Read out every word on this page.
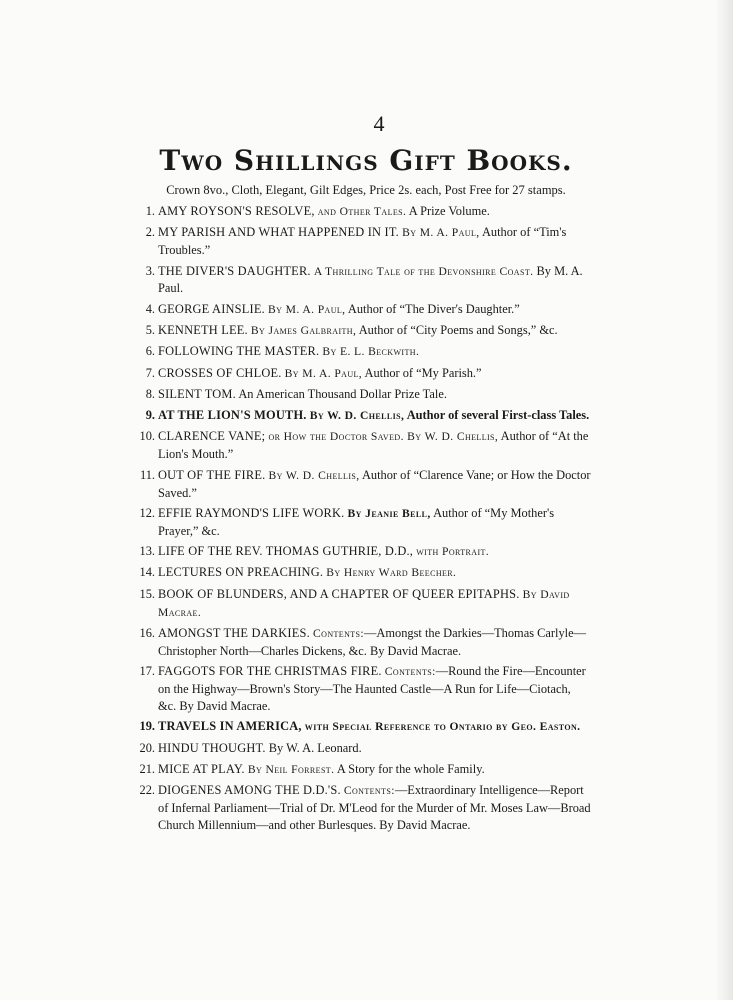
4
Two Shillings Gift Books.
Crown 8vo., Cloth, Elegant, Gilt Edges, Price 2s. each, Post Free for 27 stamps.
1. AMY ROYSON'S RESOLVE, and Other Tales. A Prize Volume.
2. MY PARISH AND WHAT HAPPENED IN IT. By M. A. Paul, Author of “Tim's Troubles.”
3. THE DIVER'S DAUGHTER. A Thrilling Tale of the Devonshire Coast. By M. A. Paul.
4. GEORGE AINSLIE. By M. A. Paul, Author of “The Diver's Daughter.”
5. KENNETH LEE. By James Galbraith, Author of “City Poems and Songs,” &c.
6. FOLLOWING THE MASTER. By E. L. Beckwith.
7. CROSSES OF CHLOE. By M. A. Paul, Author of “My Parish.”
8. SILENT TOM. An American Thousand Dollar Prize Tale.
9. AT THE LION'S MOUTH. By W. D. Chellis, Author of several First-class Tales.
10. CLARENCE VANE; or How the Doctor Saved. By W. D. Chellis, Author of “At the Lion's Mouth.”
11. OUT OF THE FIRE. By W. D. Chellis, Author of “Clarence Vane; or How the Doctor Saved.”
12. EFFIE RAYMOND'S LIFE WORK. By Jeanie Bell, Author of “My Mother's Prayer,” &c.
13. LIFE OF THE REV. THOMAS GUTHRIE, D.D., with Portrait.
14. LECTURES ON PREACHING. By Henry Ward Beecher.
15. BOOK OF BLUNDERS, AND A CHAPTER OF QUEER EPITAPHS. By David Macrae.
16. AMONGST THE DARKIES. Contents:—Amongst the Darkies—Thomas Carlyle—Christopher North—Charles Dickens, &c. By David Macrae.
17. FAGGOTS FOR THE CHRISTMAS FIRE. Contents:—Round the Fire—Encounter on the Highway—Brown's Story—The Haunted Castle—A Run for Life—Ciotach, &c. By David Macrae.
19. TRAVELS IN AMERICA, with Special Reference to Ontario by Geo. Easton.
20. HINDU THOUGHT. By W. A. Leonard.
21. MICE AT PLAY. By Neil Forrest. A Story for the whole Family.
22. DIOGENES AMONG THE D.D.'S. Contents:—Extraordinary Intelligence—Report of Infernal Parliament—Trial of Dr. M'Leod for the Murder of Mr. Moses Law—Broad Church Millennium—and other Burlesques. By David Macrae.
